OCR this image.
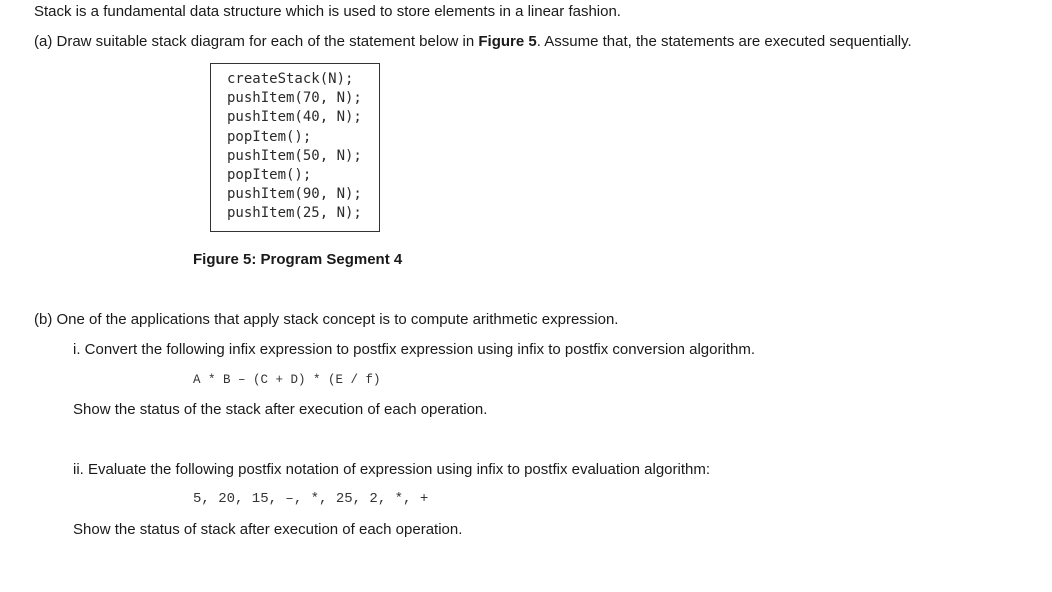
Stack is a fundamental data structure which is used to store elements in a linear fashion.
(a) Draw suitable stack diagram for each of the statement below in Figure 5. Assume that, the statements are executed sequentially.
createStack(N);
pushItem(70, N);
pushItem(40, N);
popItem();
pushItem(50, N);
popItem();
pushItem(90, N);
pushItem(25, N);
Figure 5: Program Segment 4
(b) One of the applications that apply stack concept is to compute arithmetic expression.
i. Convert the following infix expression to postfix expression using infix to postfix conversion algorithm.
A * B – (C + D) * (E / f)
Show the status of the stack after execution of each operation.
ii. Evaluate the following postfix notation of expression using infix to postfix evaluation algorithm:
5, 20, 15, –, *, 25, 2, *, +
Show the status of stack after execution of each operation.
